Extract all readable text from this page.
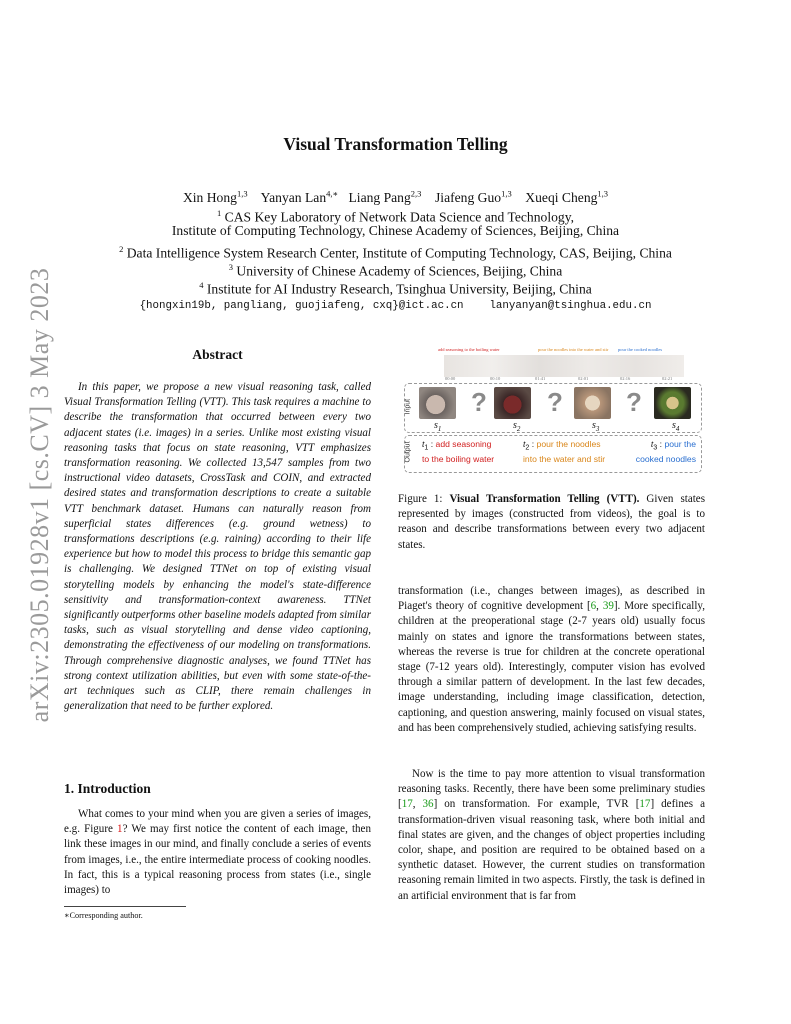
arXiv:2305.01928v1 [cs.CV] 3 May 2023
Visual Transformation Telling
Xin Hong$^{1,3}$ Yanyan Lan$^{4,∗}$ Liang Pang$^{2,3}$ Jiafeng Guo$^{1,3}$ Xueqi Cheng$^{1,3}$
$^1$ CAS Key Laboratory of Network Data Science and Technology,
Institute of Computing Technology, Chinese Academy of Sciences, Beijing, China
$^2$ Data Intelligence System Research Center, Institute of Computing Technology, CAS, Beijing, China
$^3$ University of Chinese Academy of Sciences, Beijing, China
$^4$ Institute for AI Industry Research, Tsinghua University, Beijing, China
{hongxin19b, pangliang, guojiafeng, cxq}@ict.ac.cn    lanyanyan@tsinghua.edu.cn
Abstract
In this paper, we propose a new visual reasoning task, called Visual Transformation Telling (VTT). This task requires a machine to describe the transformation that occurred between every two adjacent states (i.e. images) in a series. Unlike most existing visual reasoning tasks that focus on state reasoning, VTT emphasizes transformation reasoning. We collected 13,547 samples from two instructional video datasets, CrossTask and COIN, and extracted desired states and transformation descriptions to create a suitable VTT benchmark dataset. Humans can naturally reason from superficial states differences (e.g. ground wetness) to transformations descriptions (e.g. raining) according to their life experience but how to model this process to bridge this semantic gap is challenging. We designed TTNet on top of existing visual storytelling models by enhancing the model's state-difference sensitivity and transformation-context awareness. TTNet significantly outperforms other baseline models adapted from similar tasks, such as visual storytelling and dense video captioning, demonstrating the effectiveness of our modeling on transformations. Through comprehensive diagnostic analyses, we found TTNet has strong context utilization abilities, but even with some state-of-the-art techniques such as CLIP, there remain challenges in generalization that need to be further explored.
1. Introduction
What comes to your mind when you are given a series of images, e.g. Figure 1? We may first notice the content of each image, then link these images in our mind, and finally conclude a series of events from images, i.e., the entire intermediate process of cooking noodles. In fact, this is a typical reasoning process from states (i.e., single images) to
∗Corresponding author.
add seasoning to the boiling water	pour the noodles into the water and stir pour the cooked noodles
00:00	00:10	01:41	02:01	02:16	02:21
Input
Output
? ? ?
$s_1$	$s_2$	$s_3$	$s_4$
$t_1$ : add seasoning
to the boiling water
$t_2$ : pour the noodles
into the water and stir
$t_3$ : pour the
cooked noodles
Figure 1: Visual Transformation Telling (VTT). Given states represented by images (constructed from videos), the goal is to reason and describe transformations between every two adjacent states.
transformation (i.e., changes between images), as described in Piaget's theory of cognitive development [6, 39]. More specifically, children at the preoperational stage (2-7 years old) usually focus mainly on states and ignore the transformations between states, whereas the reverse is true for children at the concrete operational stage (7-12 years old). Interestingly, computer vision has evolved through a similar pattern of development. In the last few decades, image understanding, including image classification, detection, captioning, and question answering, mainly focused on visual states, and has been comprehensively studied, achieving satisfying results.
Now is the time to pay more attention to visual transformation reasoning tasks. Recently, there have been some preliminary studies [17, 36] on transformation. For example, TVR [17] defines a transformation-driven visual reasoning task, where both initial and final states are given, and the changes of object properties including color, shape, and position are required to be obtained based on a synthetic dataset. However, the current studies on transformation reasoning remain limited in two aspects. Firstly, the task is defined in an artificial environment that is far from
